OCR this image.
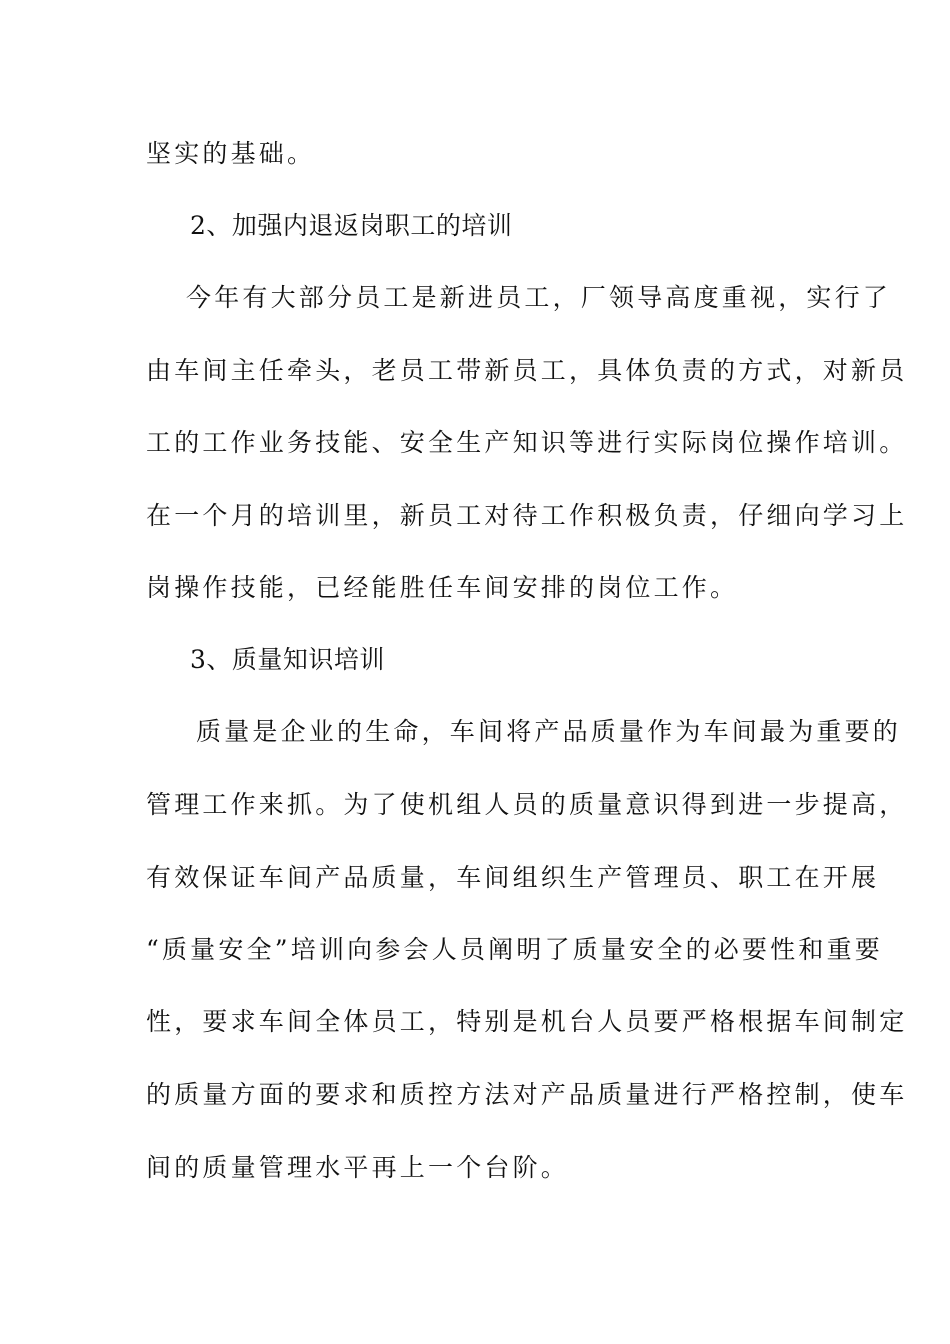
坚实的基础。
2、加强内退返岗职工的培训
今年有大部分员工是新进员工，厂领导高度重视，实行了
由车间主任牵头，老员工带新员工，具体负责的方式，对新员
工的工作业务技能、安全生产知识等进行实际岗位操作培训。
在一个月的培训里，新员工对待工作积极负责，仔细向学习上
岗操作技能，已经能胜任车间安排的岗位工作。
3、质量知识培训
质量是企业的生命，车间将产品质量作为车间最为重要的
管理工作来抓。为了使机组人员的质量意识得到进一步提高，
有效保证车间产品质量，车间组织生产管理员、职工在开展
“质量安全”培训向参会人员阐明了质量安全的必要性和重要
性，要求车间全体员工，特别是机台人员要严格根据车间制定
的质量方面的要求和质控方法对产品质量进行严格控制，使车
间的质量管理水平再上一个台阶。
